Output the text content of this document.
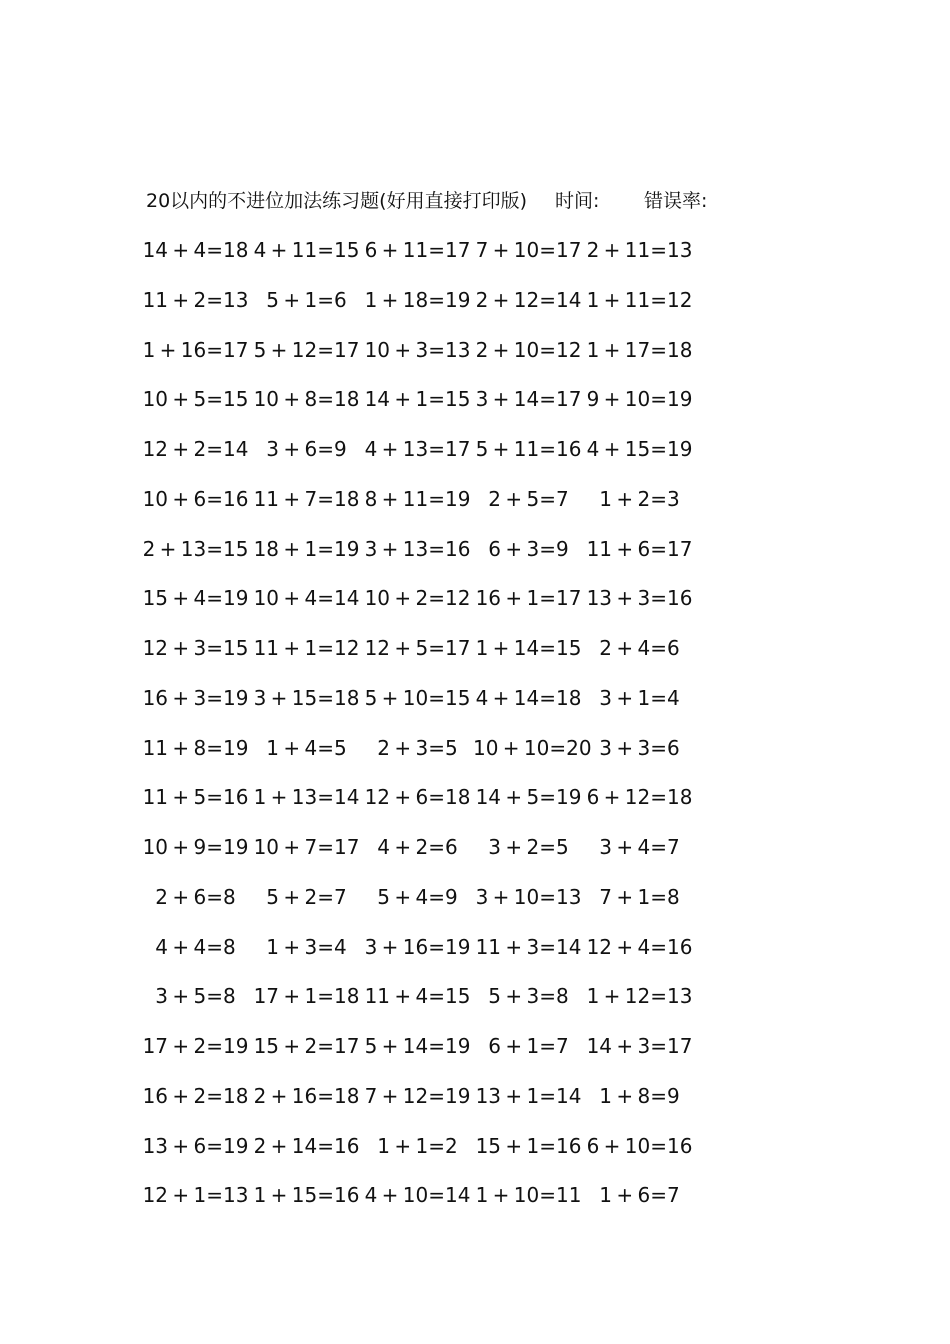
20以内的不进位加法练习题(好用直接打印版) 时间: 错误率:
14 + 4=18 4 + 11=15 6 + 11=17 7 + 10=17 2 + 11=13
11 + 2=13 5 + 1=6 1 + 18=19 2 + 12=14 1 + 11=12
1 + 16=17 5 + 12=17 10 + 3=13 2 + 10=12 1 + 17=18
10 + 5=15 10 + 8=18 14 + 1=15 3 + 14=17 9 + 10=19
12 + 2=14 3 + 6=9 4 + 13=17 5 + 11=16 4 + 15=19
10 + 6=16 11 + 7=18 8 + 11=19 2 + 5=7	1 + 2=3
2 + 13=15 18 + 1=19 3 + 13=16 6 + 3=9 11 + 6=17
15 + 4=19 10 + 4=14 10 + 2=12 16 + 1=17 13 + 3=16
12 + 3=15 11 + 1=12 12 + 5=17 1 + 14=15 2 + 4=6
16 + 3=19 3 + 15=18 5 + 10=15 4 + 14=18 3 + 1=4
11 + 8=19 1 + 4=5	2 + 3=5 10 + 10=20 3 + 3=6
11 + 5=16 1 + 13=14 12 + 6=18 14 + 5=19 6 + 12=18
10 + 9=19 10 + 7=17 4 + 2=6	3 + 2=5	3 + 4=7
2 + 6=8	5 + 2=7	5 + 4=9 3 + 10=13 7 + 1=8
4 + 4=8	1 + 3=4 3 + 16=19 11 + 3=14 12 + 4=16
3 + 5=8 17 + 1=18 11 + 4=15 5 + 3=8 1 + 12=13
17 + 2=19 15 + 2=17 5 + 14=19 6 + 1=7 14 + 3=17
16 + 2=18 2 + 16=18 7 + 12=19 13 + 1=14 1 + 8=9
13 + 6=19 2 + 14=16 1 + 1=2 15 + 1=16 6 + 10=16
12 + 1=13 1 + 15=16 4 + 10=14 1 + 10=11 1 + 6=7
